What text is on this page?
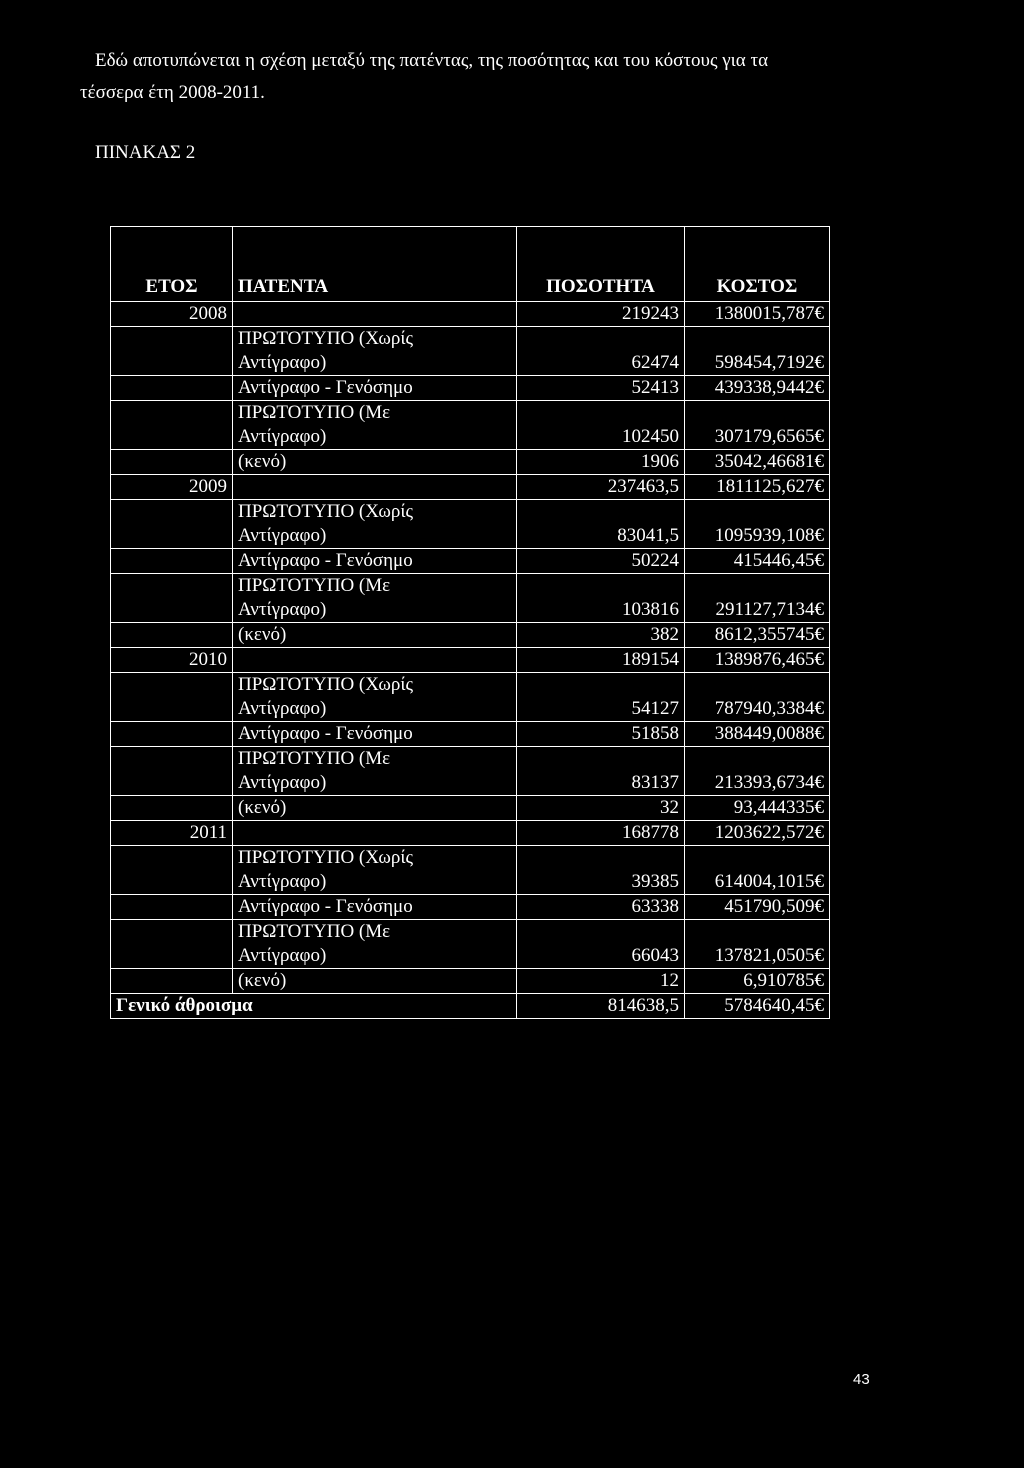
Εδώ αποτυπώνεται η σχέση μεταξύ της πατέντας, της ποσότητας και του κόστους για τα
τέσσερα έτη 2008-2011.
ΠΙΝΑΚΑΣ 2
ΕΤΟΣ	ΠΑΤΕΝΤΑ	ΠΟΣΟΤΗΤΑ	ΚΟΣΤΟΣ
2008		219243	1380015,787€
	ΠΡΩΤΟΤΥΠΟ (Χωρίς
Αντίγραφο)	62474	598454,7192€
	Αντίγραφο - Γενόσημο	52413	439338,9442€
	ΠΡΩΤΟΤΥΠΟ (Με
Αντίγραφο)	102450	307179,6565€
	(κενό)	1906	35042,46681€
2009		237463,5	1811125,627€
	ΠΡΩΤΟΤΥΠΟ (Χωρίς
Αντίγραφο)	83041,5	1095939,108€
	Αντίγραφο - Γενόσημο	50224	415446,45€
	ΠΡΩΤΟΤΥΠΟ (Με
Αντίγραφο)	103816	291127,7134€
	(κενό)	382	8612,355745€
2010		189154	1389876,465€
	ΠΡΩΤΟΤΥΠΟ (Χωρίς
Αντίγραφο)	54127	787940,3384€
	Αντίγραφο - Γενόσημο	51858	388449,0088€
	ΠΡΩΤΟΤΥΠΟ (Με
Αντίγραφο)	83137	213393,6734€
	(κενό)	32	93,444335€
2011		168778	1203622,572€
	ΠΡΩΤΟΤΥΠΟ (Χωρίς
Αντίγραφο)	39385	614004,1015€
	Αντίγραφο - Γενόσημο	63338	451790,509€
	ΠΡΩΤΟΤΥΠΟ (Με
Αντίγραφο)	66043	137821,0505€
	(κενό)	12	6,910785€
Γενικό άθροισμα		814638,5	5784640,45€
43
